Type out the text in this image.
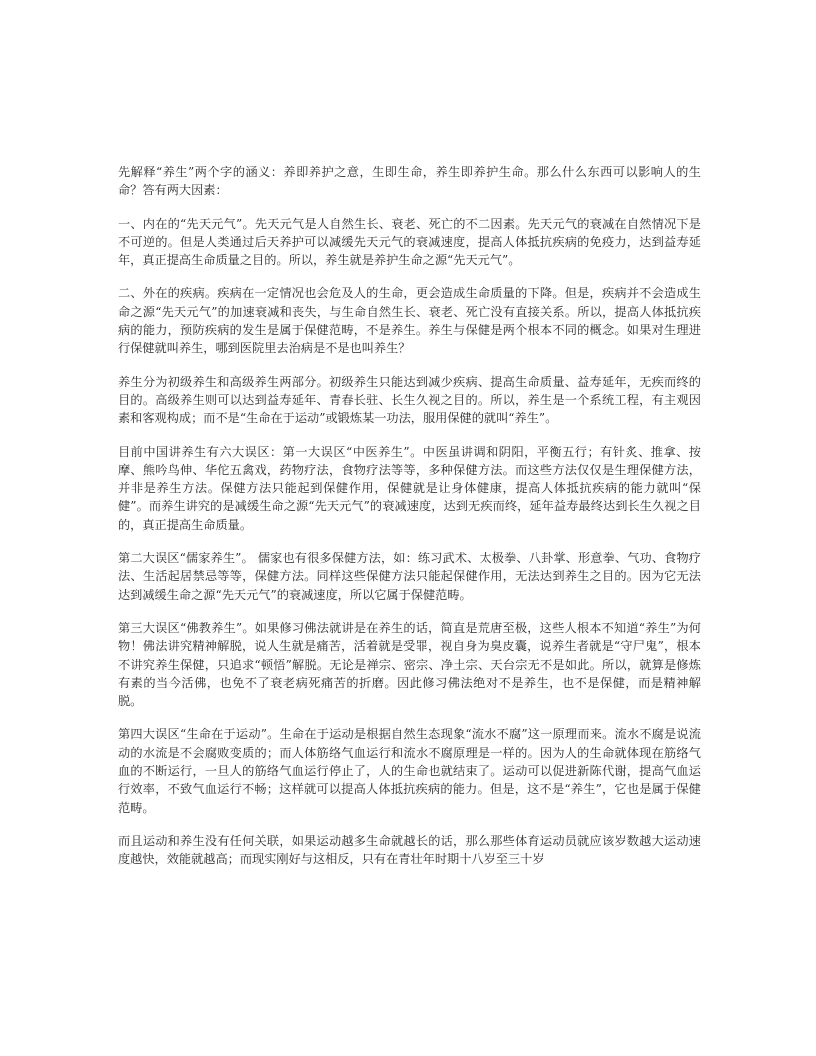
先解释“养生”两个字的涵义：养即养护之意，生即生命，养生即养护生命。那么什么东西可以影响人的生命？答有两大因素：

一、内在的“先天元气”。先天元气是人自然生长、衰老、死亡的不二因素。先天元气的衰减在自然情况下是不可逆的。但是人类通过后天养护可以减缓先天元气的衰减速度，提高人体抵抗疾病的免疫力，达到益寿延年，真正提高生命质量之目的。所以，养生就是养护生命之源“先天元气”。

二、外在的疾病。疾病在一定情况也会危及人的生命，更会造成生命质量的下降。但是，疾病并不会造成生命之源“先天元气”的加速衰减和丧失，与生命自然生长、衰老、死亡没有直接关系。所以，提高人体抵抗疾病的能力，预防疾病的发生是属于保健范畴，不是养生。养生与保健是两个根本不同的概念。如果对生理进行保健就叫养生，哪到医院里去治病是不是也叫养生？

养生分为初级养生和高级养生两部分。初级养生只能达到减少疾病、提高生命质量、益寿延年，无疾而终的目的。高级养生则可以达到益寿延年、青春长驻、长生久视之目的。所以，养生是一个系统工程，有主观因素和客观构成；而不是“生命在于运动”或锻炼某一功法，服用保健的就叫“养生”。

目前中国讲养生有六大误区：第一大误区“中医养生”。中医虽讲调和阴阳，平衡五行；有针炙、推拿、按摩、熊吟鸟伸、华佗五禽戏，药物疗法，食物疗法等等，多种保健方法。而这些方法仅仅是生理保健方法，并非是养生方法。保健方法只能起到保健作用，保健就是让身体健康，提高人体抵抗疾病的能力就叫“保健”。而养生讲究的是减缓生命之源“先天元气”的衰减速度，达到无疾而终，延年益寿最终达到长生久视之目的，真正提高生命质量。

第二大误区“儒家养生”。 儒家也有很多保健方法，如：练习武术、太极拳、八卦掌、形意拳、气功、食物疗法、生活起居禁忌等等，保健方法。同样这些保健方法只能起保健作用，无法达到养生之目的。因为它无法达到减缓生命之源“先天元气”的衰减速度，所以它属于保健范畴。

第三大误区“佛教养生”。如果修习佛法就讲是在养生的话，简直是荒唐至极，这些人根本不知道“养生”为何物！佛法讲究精神解脱，说人生就是痛苦，活着就是受罪，视自身为臭皮囊，说养生者就是“守尸鬼”，根本不讲究养生保健，只追求“顿悟”解脱。无论是禅宗、密宗、净土宗、天台宗无不是如此。所以，就算是修炼有素的当今活佛，也免不了衰老病死痛苦的折磨。因此修习佛法绝对不是养生，也不是保健，而是精神解脱。

第四大误区“生命在于运动”。生命在于运动是根据自然生态现象“流水不腐”这一原理而来。流水不腐是说流动的水流是不会腐败变质的；而人体筋络气血运行和流水不腐原理是一样的。因为人的生命就体现在筋络气血的不断运行，一旦人的筋络气血运行停止了，人的生命也就结束了。运动可以促进新陈代谢，提高气血运行效率，不致气血运行不畅；这样就可以提高人体抵抗疾病的能力。但是，这不是“养生”，它也是属于保健范畴。

而且运动和养生没有任何关联，如果运动越多生命就越长的话，那么那些体育运动员就应该岁数越大运动速度越快，效能就越高；而现实刚好与这相反，只有在青壮年时期十八岁至三十岁
